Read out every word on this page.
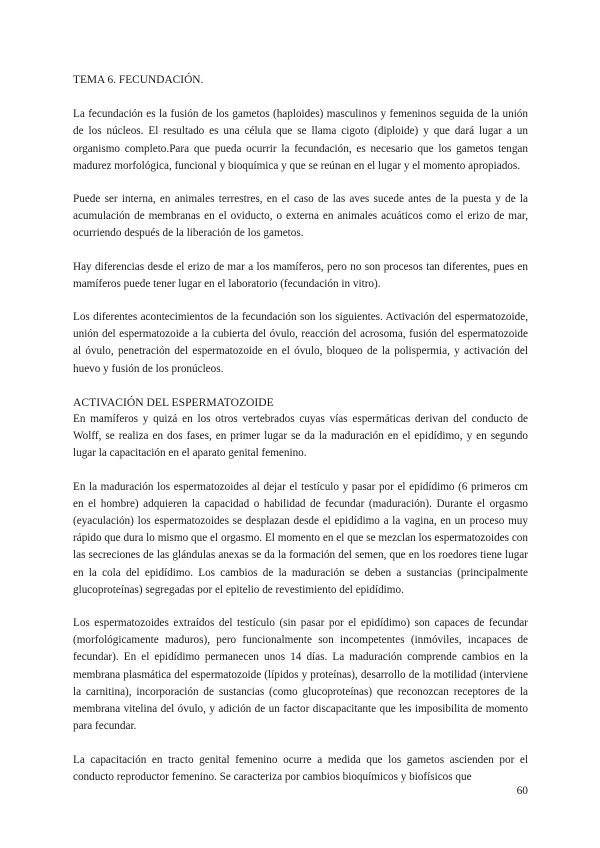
TEMA 6. FECUNDACIÓN.

La fecundación es la fusión de los gametos (haploides) masculinos y femeninos seguida de la unión de los núcleos. El resultado es una célula que se llama cigoto (diploide) y que dará lugar a un organismo completo.Para que pueda ocurrir la fecundación, es necesario que los gametos tengan madurez morfológica, funcional y bioquímica y que se reúnan en el lugar y el momento apropiados.

Puede ser interna, en animales terrestres, en el caso de las aves sucede antes de la puesta y de la acumulación de membranas en el oviducto, o externa en animales acuáticos como el erizo de mar, ocurriendo después de la liberación de los gametos.

Hay diferencias desde el erizo de mar a los mamíferos, pero no son procesos tan diferentes, pues en mamíferos puede tener lugar en el laboratorio (fecundación in vitro).

Los diferentes acontecimientos de la fecundación son los siguientes. Activación del espermatozoide, unión del espermatozoide a la cubierta del óvulo, reacción del acrosoma, fusión del espermatozoide al óvulo, penetración del espermatozoide en el óvulo, bloqueo de la polispermia, y activación del huevo y fusión de los pronúcleos.

ACTIVACIÓN DEL ESPERMATOZOIDE

En mamíferos y quizá en los otros vertebrados cuyas vías espermáticas derivan del conducto de Wolff, se realiza en dos fases, en primer lugar se da la maduración en el epidídimo, y en segundo lugar la capacitación en el aparato genital femenino.

En la maduración los espermatozoides al dejar el testículo y pasar por el epidídimo (6 primeros cm en el hombre) adquieren la capacidad o habilidad de fecundar (maduración). Durante el orgasmo (eyaculación) los espermatozoides se desplazan desde el epidídimo a la vagina, en un proceso muy rápido que dura lo mismo que el orgasmo. El momento en el que se mezclan los espermatozoides con las secreciones de las glándulas anexas se da la formación del semen, que en los roedores tiene lugar en la cola del epidídimo. Los cambios de la maduración se deben a sustancias (principalmente glucoproteínas) segregadas por el epitelio de revestimiento del epidídimo.

Los espermatozoides extraídos del testículo (sin pasar por el epidídimo) son capaces de fecundar (morfológicamente maduros), pero funcionalmente son incompetentes (inmóviles, incapaces de fecundar). En el epidídimo permanecen unos 14 días. La maduración comprende cambios en la membrana plasmática del espermatozoide (lípidos y proteínas), desarrollo de la motilidad (interviene la carnitina), incorporación de sustancias (como glucoproteínas) que reconozcan receptores de la membrana vitelina del óvulo, y adición de un factor discapacitante que les imposibilita de momento para fecundar.

La capacitación en tracto genital femenino ocurre a medida que los gametos ascienden por el conducto reproductor femenino. Se caracteriza por cambios bioquímicos y biofísicos que

60
